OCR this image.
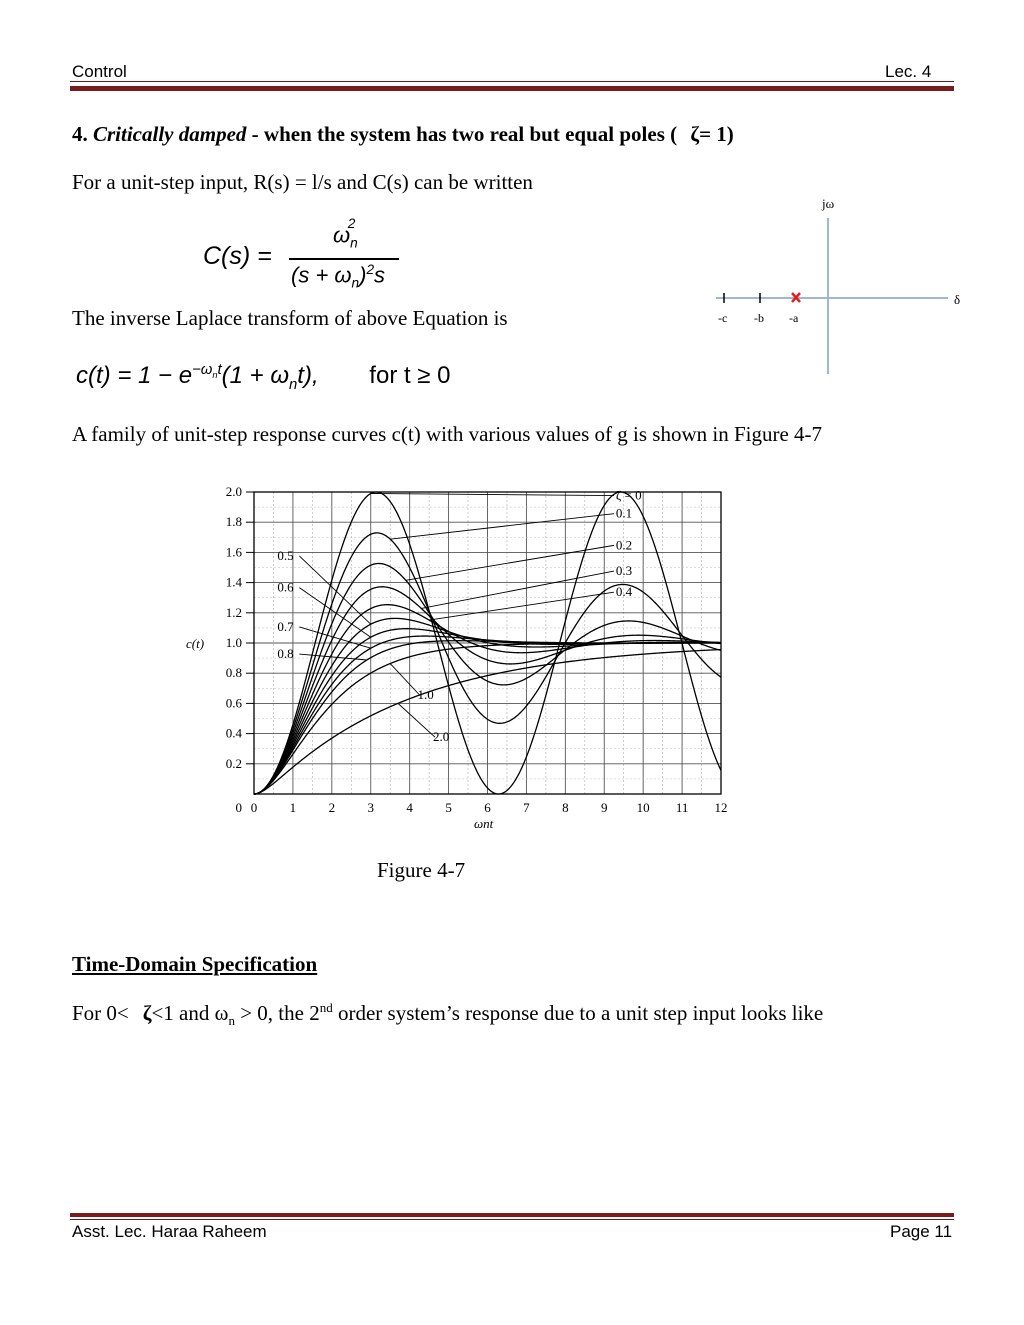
Control	Lec. 4
4. Critically damped - when the system has two real but equal poles ( ζ= 1)
For a unit-step input, R(s) = l/s and C(s) can be written
C(s) =
$\omega_n^2$
$(s + \omega_n)^2s$
The inverse Laplace transform of above Equation is
$c(t) = 1 - e^{-\omega_nt}(1 + \omega_nt)$, for t ≥ 0
jω
δ
-c -b -a
A family of unit-step response curves c(t) with various values of g is shown in Figure 4-7
0 1 2 3 4 5 6 7 8 9 10 11 12
0.2
0.4
0.6
0.8
1.0
1.2
1.4
1.6
1.8
2.0
0
ζ = 0
0.1
0.2
0.3
0.4
0.5
0.6
0.7
0.8
1.0
2.0
c(t)
ωnt
Figure 4-7
Time-Domain Specification
For 0< ζ<1 and $\omega_n > 0$, the 2nd order system’s response due to a unit step input looks like
Asst. Lec. Haraa Raheem	Page 11
